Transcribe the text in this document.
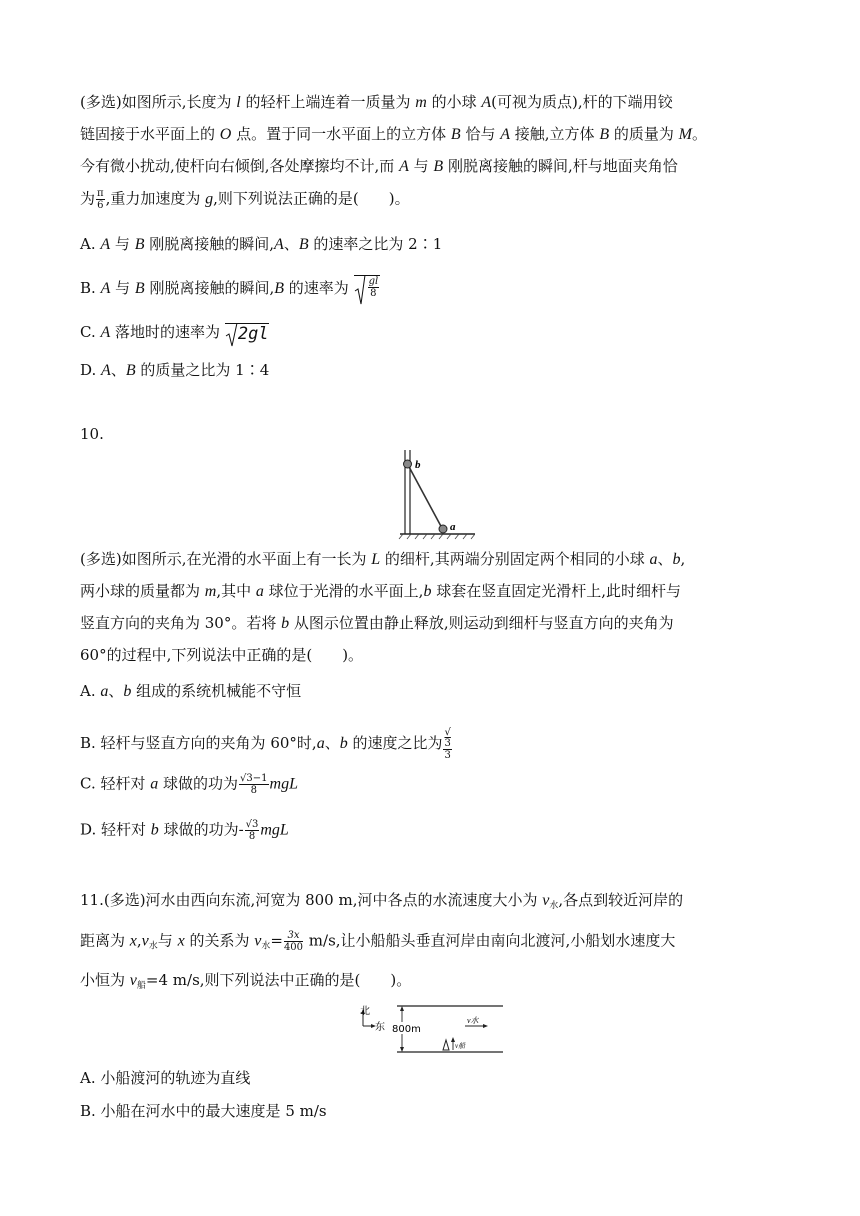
(多选)如图所示,长度为 l 的轻杆上端连着一质量为 m 的小球 A(可视为质点),杆的下端用铰
链固接于水平面上的 O 点。置于同一水平面上的立方体 B 恰与 A 接触,立方体 B 的质量为 M。
今有微小扰动,使杆向右倾倒,各处摩擦均不计,而 A 与 B 刚脱离接触的瞬间,杆与地面夹角恰
为 $\frac{\pi}{6}$ ,重力加速度为 g,则下列说法正确的是(　　)。
A. A 与 B 刚脱离接触的瞬间,A、B 的速率之比为 2∶1
B. A 与 B 刚脱离接触的瞬间,B 的速率为 $\frac{gl}{8}$
C. A 落地时的速率为 2gl
D. A、B 的质量之比为 1∶4
10.
b
a
(多选)如图所示,在光滑的水平面上有一长为 L 的细杆,其两端分别固定两个相同的小球 a、b,
两小球的质量都为 m,其中 a 球位于光滑的水平面上,b 球套在竖直固定光滑杆上,此时细杆与
竖直方向的夹角为 30°。若将 b 从图示位置由静止释放,则运动到细杆与竖直方向的夹角为
60°的过程中,下列说法中正确的是(　　)。
A. a、b 组成的系统机械能不守恒
B. 轻杆与竖直方向的夹角为 60°时,a、b 的速度之比为 √
3
3
C. 轻杆对 a 球做的功为 $\frac{√3-1}{8}$ mgL
D. 轻杆对 b 球做的功为- $\frac{√3}{8}$ mgL
11.(多选)河水由西向东流,河宽为 800 m,河中各点的水流速度大小为 $v_水$,各点到较近河岸的
距离为 $x,v_水$与 x 的关系为 $v_水= \frac{3x}{400} m/s$,让小船船头垂直河岸由南向北渡河,小船划水速度大
小恒为 $v_船=4$ m/s,则下列说法中正确的是(　　)。
北
东 800m
v水
v船
A. 小船渡河的轨迹为直线
B. 小船在河水中的最大速度是 5 m/s
